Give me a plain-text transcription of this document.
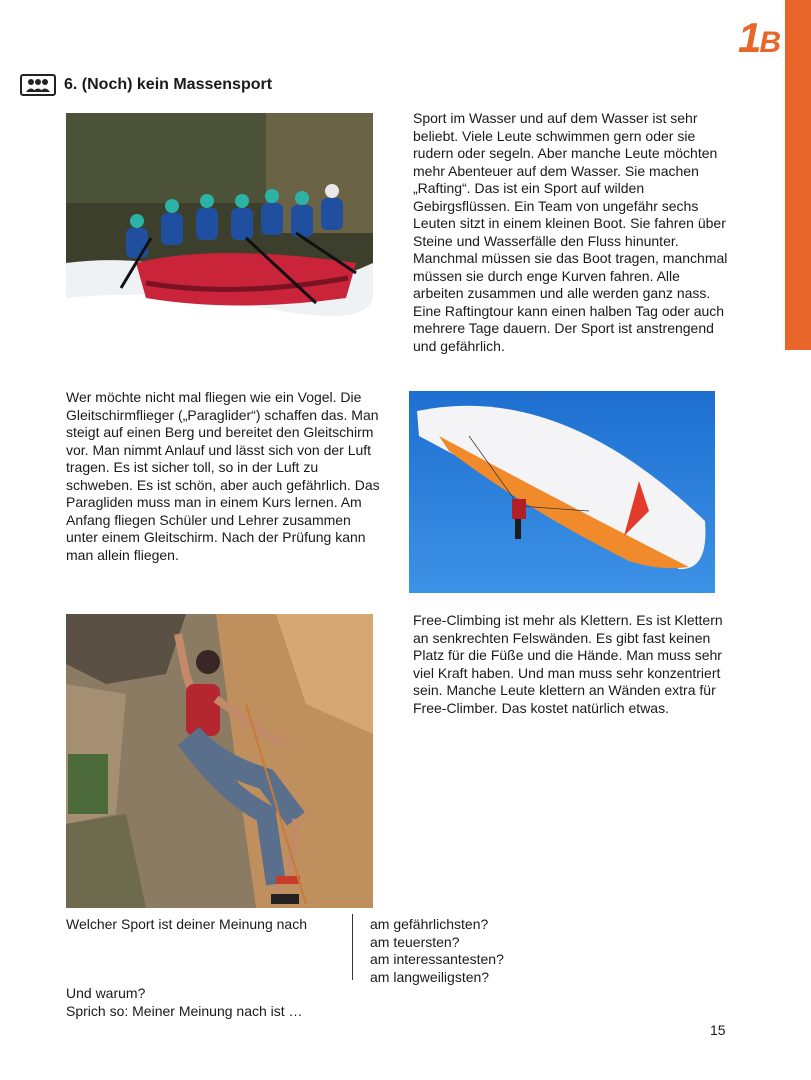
1B
6. (Noch) kein Massensport
Sport im Wasser und auf dem Wasser ist sehr beliebt. Viele Leute schwimmen gern oder sie rudern oder segeln. Aber manche Leute möchten mehr Abenteuer auf dem Wasser. Sie machen „Rafting“. Das ist ein Sport auf wilden Gebirgsflüssen. Ein Team von ungefähr sechs Leuten sitzt in einem kleinen Boot. Sie fahren über Steine und Wasserfälle den Fluss hinunter. Manchmal müssen sie das Boot tragen, manchmal müssen sie durch enge Kurven fahren. Alle arbeiten zusammen und alle werden ganz nass. Eine Raftingtour kann einen halben Tag oder auch mehrere Tage dauern. Der Sport ist anstrengend und gefährlich.
Wer möchte nicht mal fliegen wie ein Vogel. Die Gleitschirmflieger („Paraglider“) schaffen das. Man steigt auf einen Berg und bereitet den Gleitschirm vor. Man nimmt Anlauf und lässt sich von der Luft tragen. Es ist sicher toll, so in der Luft zu schweben. Es ist schön, aber auch gefährlich. Das Paragliden muss man in einem Kurs lernen. Am Anfang fliegen Schüler und Lehrer zusammen unter einem Gleitschirm. Nach der Prüfung kann man allein fliegen.
Free-Climbing ist mehr als Klettern. Es ist Klettern an senkrechten Felswänden. Es gibt fast keinen Platz für die Füße und die Hände. Man muss sehr viel Kraft haben. Und man muss sehr konzentriert sein. Manche Leute klettern an Wänden extra für Free-Climber. Das kostet natürlich etwas.
Welcher Sport ist deiner Meinung nach	am gefährlichsten?
am teuersten?
am interessantesten?
am langweiligsten?
Und warum?
Sprich so: Meiner Meinung nach ist …
15
